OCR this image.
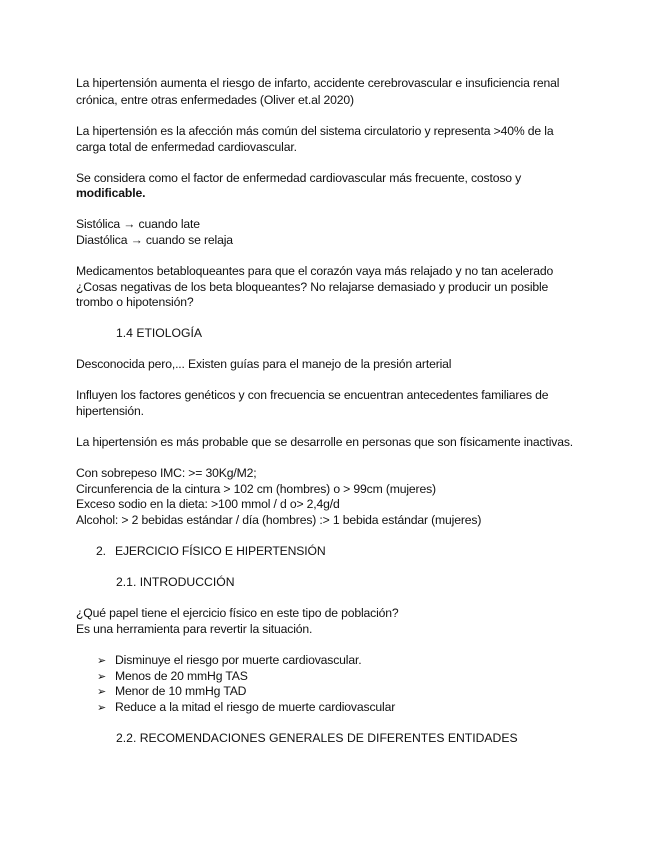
La hipertensión aumenta el riesgo de infarto, accidente cerebrovascular e insuficiencia renal
crónica, entre otras enfermedades (Oliver et.al 2020)
La hipertensión es la afección más común del sistema circulatorio y representa >40% de la
carga total de enfermedad cardiovascular.
Se considera como el factor de enfermedad cardiovascular más frecuente, costoso y
modificable.
Sistólica → cuando late
Diastólica → cuando se relaja
Medicamentos betabloqueantes para que el corazón vaya más relajado y no tan acelerado
¿Cosas negativas de los beta bloqueantes? No relajarse demasiado y producir un posible
trombo o hipotensión?
1.4 ETIOLOGÍA
Desconocida pero,... Existen guías para el manejo de la presión arterial
Influyen los factores genéticos y con frecuencia se encuentran antecedentes familiares de
hipertensión.
La hipertensión es más probable que se desarrolle en personas que son físicamente inactivas.
Con sobrepeso IMC: >= 30Kg/M2;
Circunferencia de la cintura > 102 cm (hombres) o > 99cm (mujeres)
Exceso sodio en la dieta: >100 mmol / d o> 2,4g/d
Alcohol: > 2 bebidas estándar / día (hombres) :> 1 bebida estándar (mujeres)
2. EJERCICIO FÍSICO E HIPERTENSIÓN
2.1. INTRODUCCIÓN
¿Qué papel tiene el ejercicio físico en este tipo de población?
Es una herramienta para revertir la situación.
➢ Disminuye el riesgo por muerte cardiovascular.
➢ Menos de 20 mmHg TAS
➢ Menor de 10 mmHg TAD
➢ Reduce a la mitad el riesgo de muerte cardiovascular
2.2. RECOMENDACIONES GENERALES DE DIFERENTES ENTIDADES
